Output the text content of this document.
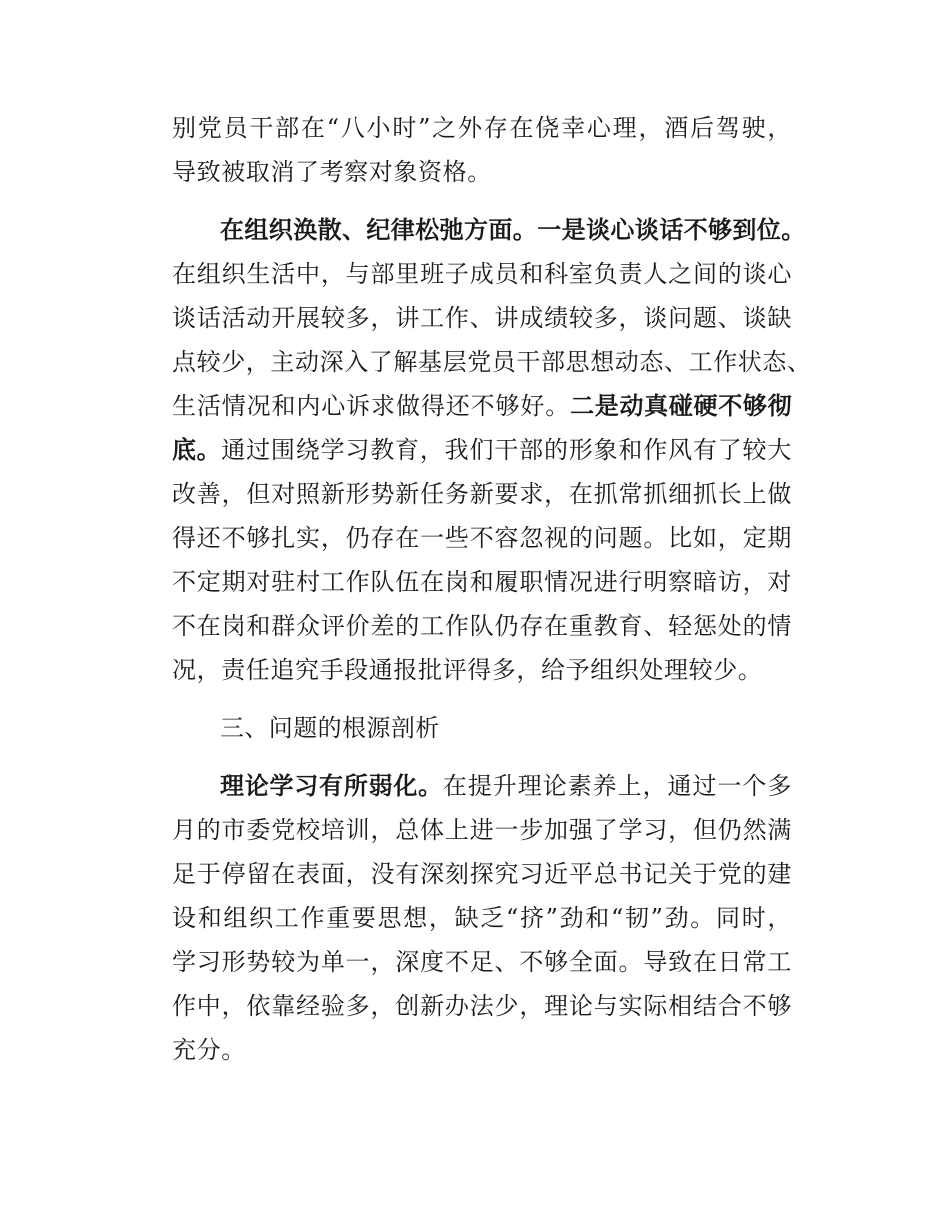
别党员干部在“八小时”之外存在侥幸心理，酒后驾驶，
导致被取消了考察对象资格。
在组织涣散、纪律松弛方面。一是谈心谈话不够到位。
在组织生活中，与部里班子成员和科室负责人之间的谈心
谈话活动开展较多，讲工作、讲成绩较多，谈问题、谈缺
点较少，主动深入了解基层党员干部思想动态、工作状态、
生活情况和内心诉求做得还不够好。二是动真碰硬不够彻
底。通过围绕学习教育，我们干部的形象和作风有了较大
改善，但对照新形势新任务新要求，在抓常抓细抓长上做
得还不够扎实，仍存在一些不容忽视的问题。比如，定期
不定期对驻村工作队伍在岗和履职情况进行明察暗访，对
不在岗和群众评价差的工作队仍存在重教育、轻惩处的情
况，责任追究手段通报批评得多，给予组织处理较少。
三、问题的根源剖析
理论学习有所弱化。在提升理论素养上，通过一个多
月的市委党校培训，总体上进一步加强了学习，但仍然满
足于停留在表面，没有深刻探究习近平总书记关于党的建
设和组织工作重要思想，缺乏“挤”劲和“韧”劲。同时，
学习形势较为单一，深度不足、不够全面。导致在日常工
作中，依靠经验多，创新办法少，理论与实际相结合不够
充分。
